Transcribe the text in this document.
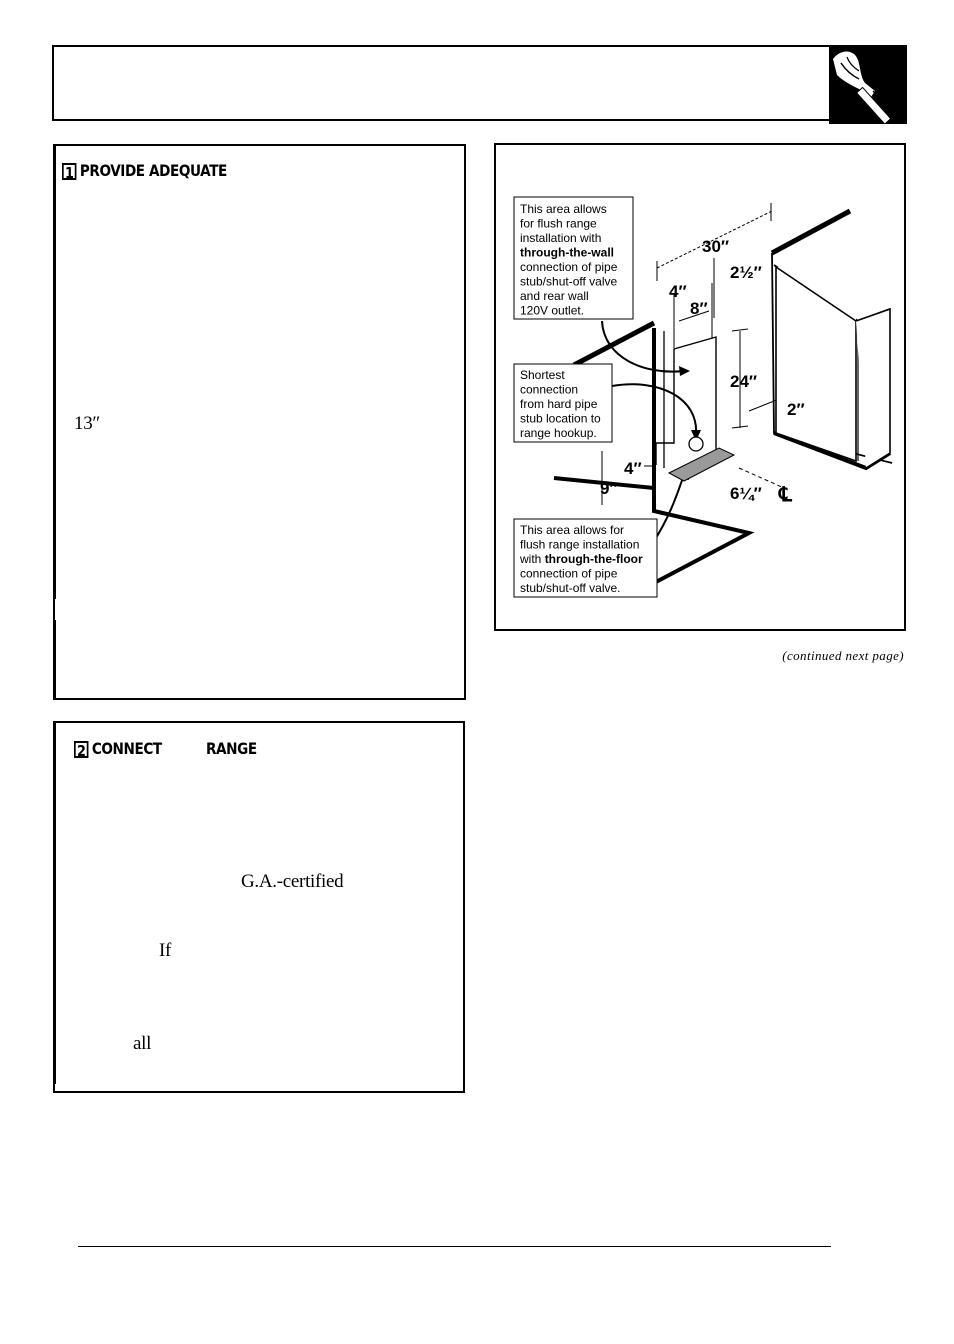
1 PROVIDE ADEQUATE
13″
2 CONNECT	RANGE
G.A.-certified
If
all
This area allows
for flush range
installation with
through-the-wall
connection of pipe
stub/shut-off valve
and rear wall
120V outlet.
Shortest
connection
from hard pipe
stub location to
range hookup.
This area allows for
flush range installation
with through-the-floor
connection of pipe
stub/shut-off valve.
30″
2½″
4″
8″
24″
2″
4″
9″	6¼″ ℄
(continued next page)
